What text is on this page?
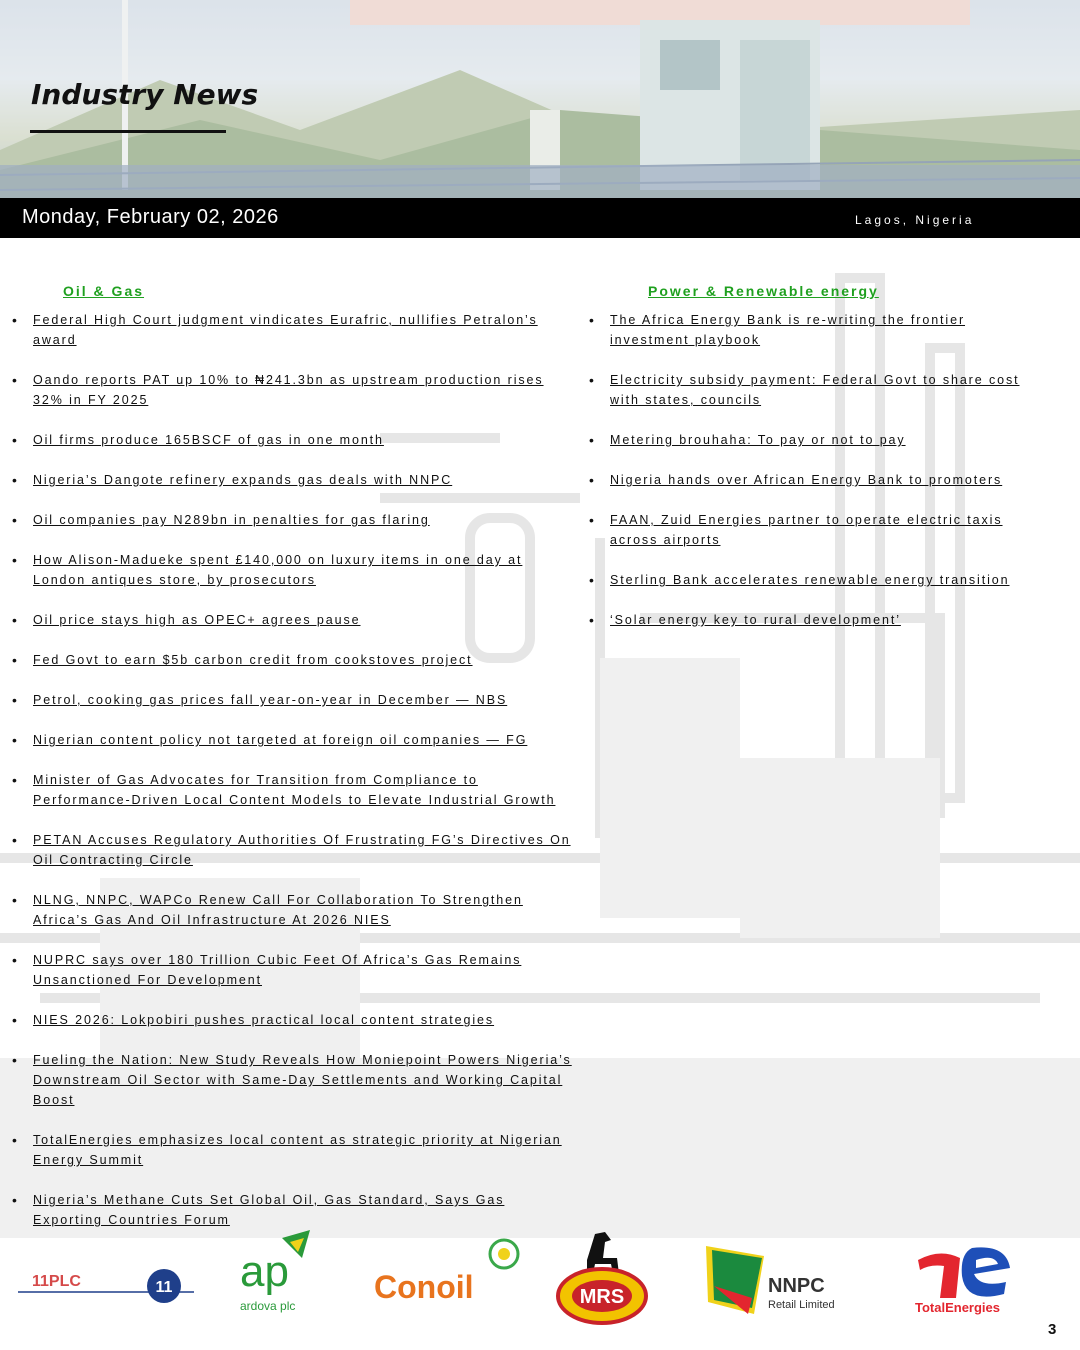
Industry News
Monday, February 02, 2026	Lagos, Nigeria
Oil & Gas
• Federal High Court judgment vindicates Eurafric, nullifies Petralon’s award
• Oando reports PAT up 10% to ₦241.3bn as upstream production rises 32% in FY 2025
• Oil firms produce 165BSCF of gas in one month
• Nigeria’s Dangote refinery expands gas deals with NNPC
• Oil companies pay N289bn in penalties for gas flaring
• How Alison-Madueke spent £140,000 on luxury items in one day at London antiques store, by prosecutors
• Oil price stays high as OPEC+ agrees pause
• Fed Govt to earn $5b carbon credit from cookstoves project
• Petrol, cooking gas prices fall year-on-year in December — NBS
• Nigerian content policy not targeted at foreign oil companies — FG
• Minister of Gas Advocates for Transition from Compliance to Performance-Driven Local Content Models to Elevate Industrial Growth
• PETAN Accuses Regulatory Authorities Of Frustrating FG’s Directives On Oil Contracting Circle
• NLNG, NNPC, WAPCo Renew Call For Collaboration To Strengthen Africa’s Gas And Oil Infrastructure At 2026 NIES
• NUPRC says over 180 Trillion Cubic Feet Of Africa’s Gas Remains Unsanctioned For Development
• NIES 2026: Lokpobiri pushes practical local content strategies
• Fueling the Nation: New Study Reveals How Moniepoint Powers Nigeria’s Downstream Oil Sector with Same-Day Settlements and Working Capital Boost
• TotalEnergies emphasizes local content as strategic priority at Nigerian Energy Summit
• Nigeria’s Methane Cuts Set Global Oil, Gas Standard, Says Gas Exporting Countries Forum
Power & Renewable energy
• The Africa Energy Bank is re-writing the frontier investment playbook
• Electricity subsidy payment: Federal Govt to share cost with states, councils
• Metering brouhaha: To pay or not to pay
• Nigeria hands over African Energy Bank to promoters
• FAAN, Zuid Energies partner to operate electric taxis across airports
• Sterling Bank accelerates renewable energy transition
• ‘Solar energy key to rural development’
11PLC	11 ap
ardova plc
Conoil	MRS	NNPC
Retail Limited	TotalEnergies
3
